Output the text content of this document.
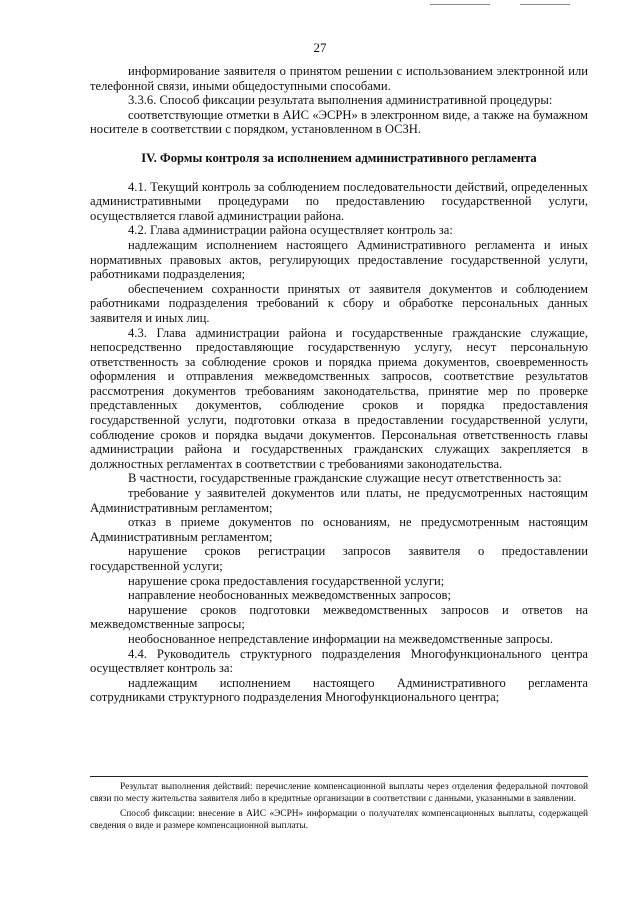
27

информирование заявителя о принятом решении с использованием электронной или телефонной связи, иными общедоступными способами.

3.3.6. Способ фиксации результата выполнения административной процедуры:

соответствующие отметки в АИС «ЭСРН» в электронном виде, а также на бумажном носителе в соответствии с порядком, установленном в ОСЗН.

IV. Формы контроля за исполнением административного регламента

4.1. Текущий контроль за соблюдением последовательности действий, определенных административными процедурами по предоставлению государственной услуги, осуществляется главой администрации района.

4.2. Глава администрации района осуществляет контроль за:

надлежащим исполнением настоящего Административного регламента и иных нормативных правовых актов, регулирующих предоставление государственной услуги, работниками подразделения;

обеспечением сохранности принятых от заявителя документов и соблюдением работниками подразделения требований к сбору и обработке персональных данных заявителя и иных лиц.

4.3. Глава администрации района и государственные гражданские служащие, непосредственно предоставляющие государственную услугу, несут персональную ответственность за соблюдение сроков и порядка приема документов, своевременность оформления и отправления межведомственных запросов, соответствие результатов рассмотрения документов требованиям законодательства, принятие мер по проверке представленных документов, соблюдение сроков и порядка предоставления государственной услуги, подготовки отказа в предоставлении государственной услуги, соблюдение сроков и порядка выдачи документов. Персональная ответственность главы администрации района и государственных гражданских служащих закрепляется в должностных регламентах в соответствии с требованиями законодательства.

В частности, государственные гражданские служащие несут ответственность за:

требование у заявителей документов или платы, не предусмотренных настоящим Административным регламентом;

отказ в приеме документов по основаниям, не предусмотренным настоящим Административным регламентом;

нарушение сроков регистрации запросов заявителя о предоставлении государственной услуги;

нарушение срока предоставления государственной услуги;

направление необоснованных межведомственных запросов;

нарушение сроков подготовки межведомственных запросов и ответов на межведомственные запросы;

необоснованное непредставление информации на межведомственные запросы.

4.4. Руководитель структурного подразделения Многофункционального центра осуществляет контроль за:

надлежащим исполнением настоящего Административного регламента сотрудниками структурного подразделения Многофункционального центра;

Результат выполнения действий: перечисление компенсационной выплаты через отделения федеральной почтовой связи по месту жительства заявителя либо в кредитные организации в соответствии с данными, указанными в заявлении.

Способ фиксации: внесение в АИС «ЭСРН» информации о получателях компенсационных выплаты, содержащей сведения о виде и размере компенсационной выплаты.
